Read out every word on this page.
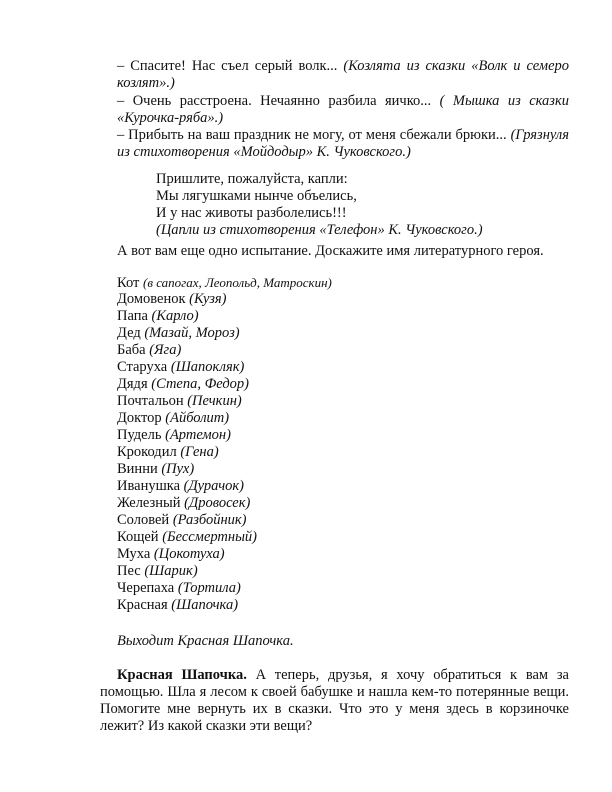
– Спасите! Нас съел серый волк... (Козлята из сказки «Волк и семеро козлят».)

– Очень расстроена. Нечаянно разбила яичко... ( Мышка из сказки «Курочка-ряба».)

– Прибыть на ваш праздник не могу, от меня сбежали брюки... (Грязнуля из стихотворения «Мойдодыр» К. Чуковского.)

Пришлите, пожалуйста, капли:
Мы лягушками нынче объелись,
И у нас животы разболелись!!!
(Цапли из стихотворения «Телефон» К. Чуковского.)

А вот вам еще одно испытание. Доскажите имя литературного героя.

Кот (в сапогах, Леопольд, Матроскин)
Домовенок (Кузя)
Папа (Карло)
Дед (Мазай, Мороз)
Баба (Яга)
Старуха (Шапокляк)
Дядя (Степа, Федор)
Почтальон (Печкин)
Доктор (Айболит)
Пудель (Артемон)
Крокодил (Гена)
Винни (Пух)
Иванушка (Дурачок)
Железный (Дровосек)
Соловей (Разбойник)
Кощей (Бессмертный)
Муха (Цокотуха)
Пес (Шарик)
Черепаха (Тортила)
Красная (Шапочка)

Выходит Красная Шапочка.

Красная Шапочка. А теперь, друзья, я хочу обратиться к вам за помощью. Шла я лесом к своей бабушке и нашла кем-то потерянные вещи. Помогите мне вернуть их в сказки. Что это у меня здесь в корзиночке лежит? Из какой сказки эти вещи?
